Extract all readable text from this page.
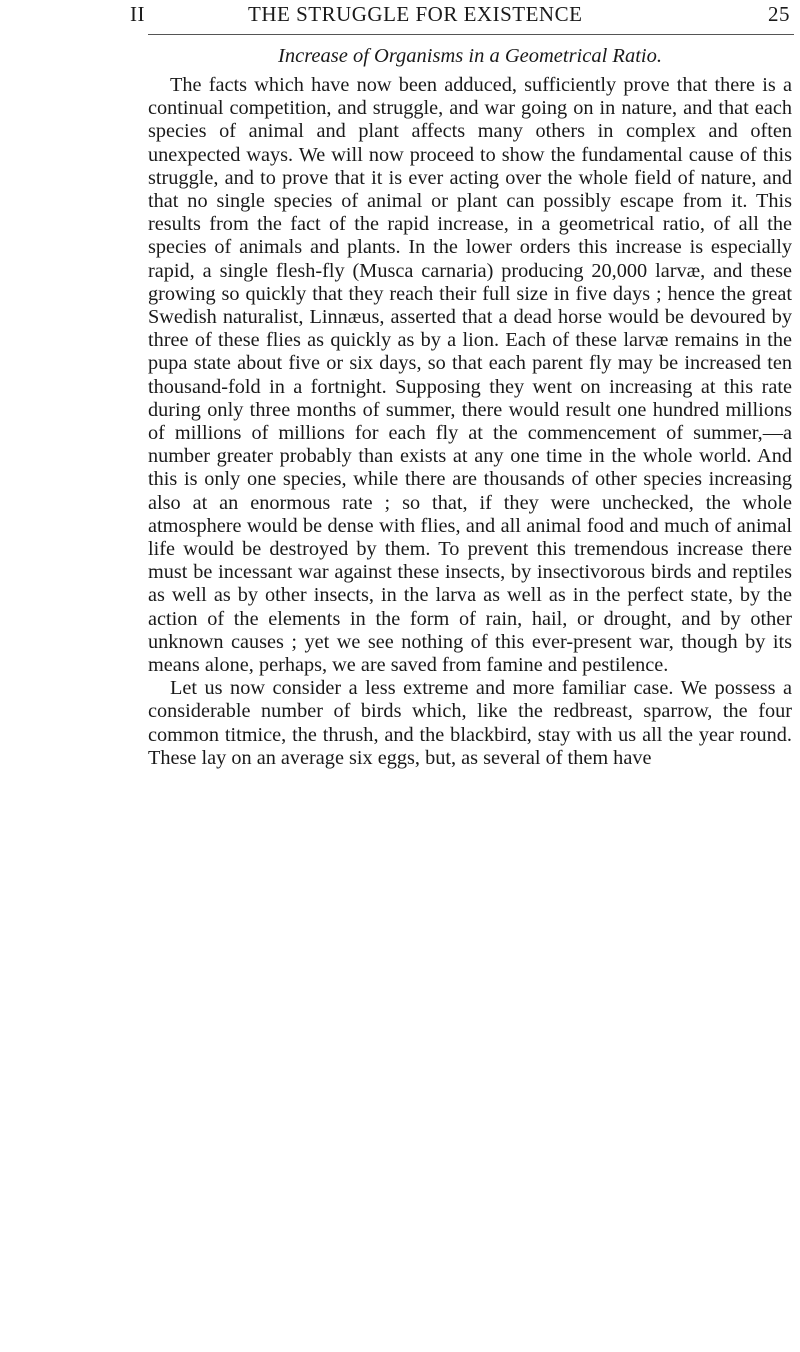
II	THE STRUGGLE FOR EXISTENCE	25
Increase of Organisms in a Geometrical Ratio.

The facts which have now been adduced, sufficiently prove that there is a continual competition, and struggle, and war going on in nature, and that each species of animal and plant affects many others in complex and often unexpected ways. We will now proceed to show the fundamental cause of this struggle, and to prove that it is ever acting over the whole field of nature, and that no single species of animal or plant can possibly escape from it. This results from the fact of the rapid increase, in a geometrical ratio, of all the species of animals and plants. In the lower orders this increase is especially rapid, a single flesh-fly (Musca carnaria) producing 20,000 larvæ, and these growing so quickly that they reach their full size in five days ; hence the great Swedish naturalist, Linnæus, asserted that a dead horse would be devoured by three of these flies as quickly as by a lion. Each of these larvæ remains in the pupa state about five or six days, so that each parent fly may be increased ten thousand-fold in a fortnight. Supposing they went on increasing at this rate during only three months of summer, there would result one hundred millions of millions of millions for each fly at the commencement of summer,—a number greater probably than exists at any one time in the whole world. And this is only one species, while there are thousands of other species increasing also at an enormous rate ; so that, if they were unchecked, the whole atmosphere would be dense with flies, and all animal food and much of animal life would be destroyed by them. To prevent this tremendous increase there must be incessant war against these insects, by insectivorous birds and reptiles as well as by other insects, in the larva as well as in the perfect state, by the action of the elements in the form of rain, hail, or drought, and by other unknown causes ; yet we see nothing of this ever-present war, though by its means alone, perhaps, we are saved from famine and pestilence.

Let us now consider a less extreme and more familiar case. We possess a considerable number of birds which, like the redbreast, sparrow, the four common titmice, the thrush, and the blackbird, stay with us all the year round. These lay on an average six eggs, but, as several of them have
